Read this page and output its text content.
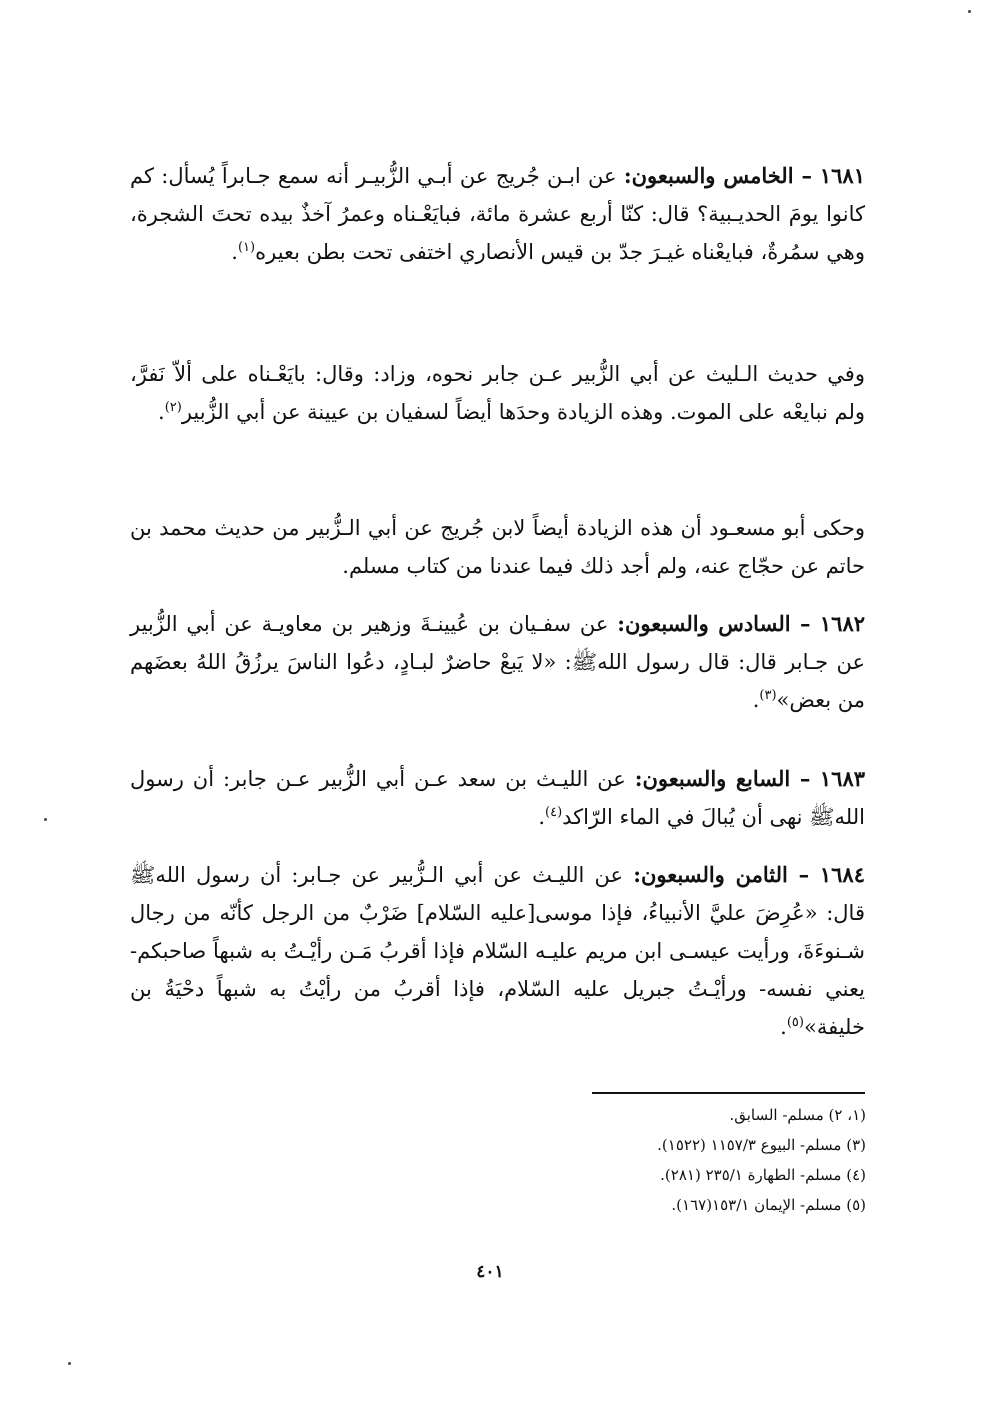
١٦٨١ – الخامس والسبعون: عن ابـن جُريج عن أبـي الزُّبيـر أنه سمع جـابراً يُسأل: كم كانوا يومَ الحديـبية؟ قال: كنّا أربع عشرة مائة، فبايَعْـناه وعمرُ آخذٌ بيده تحتَ الشجرة، وهي سمُرةٌ، فبايعْناه غيـرَ جدّ بن قيس الأنصاري اختفى تحت بطن بعيره$^{(١)}$.

وفي حديث الـليث عن أبي الزُّبير عـن جابر نحوه، وزاد: وقال: بايَعْـناه على ألاّ نَفرَّ، ولم نبايعْه على الموت. وهذه الزيادة وحدَها أيضاً لسفيان بن عيينة عن أبي الزُّبير$^{(٢)}$.

وحكى أبو مسعـود أن هذه الزيادة أيضاً لابن جُريج عن أبي الـزُّبير من حديث محمد بن حاتم عن حجّاج عنه، ولم أجد ذلك فيما عندنا من كتاب مسلم.

١٦٨٢ – السادس والسبعون: عن سفـيان بن عُيينـةَ وزهير بن معاويـة عن أبي الزُّبير عن جـابر قال: قال رسول اللهﷺ: «لا يَبعْ حاضرٌ لبـادٍ، دعُوا الناسَ يرزُقُ اللهُ بعضَهم من بعض»$^{(٣)}$.

١٦٨٣ – السابع والسبعون: عن الليـث بن سعد عـن أبي الزُّبير عـن جابر: أن رسول اللهﷺ نهى أن يُبالَ في الماء الرّاكد$^{(٤)}$.

١٦٨٤ – الثامن والسبعون: عن الليـث عن أبي الـزُّبير عن جـابر: أن رسول اللهﷺ قال: «عُرِضَ عليَّ الأنبياءُ، فإذا موسى[عليه السّلام] ضَرْبٌ من الرجل كأنّه من رجال شـنوءَةَ، ورأيت عيسـى ابن مريم عليـه السّلام فإذا أقربُ مَـن رأيْـتُ به شبهاً صاحبكم- يعني نفسه- ورأيْـتُ جبريل عليه السّلام، فإذا أقربُ من رأيْتُ به شبهاً دحْيَةُ بن خليفة»$^{(٥)}$.

(١، ٢) مسلم- السابق.
(٣) مسلم- البيوع ١١٥٧/٣ (١٥٢٢).
(٤) مسلم- الطهارة ٢٣٥/١ (٢٨١).
(٥) مسلم- الإيمان ١٥٣/١(١٦٧).
٤٠١
